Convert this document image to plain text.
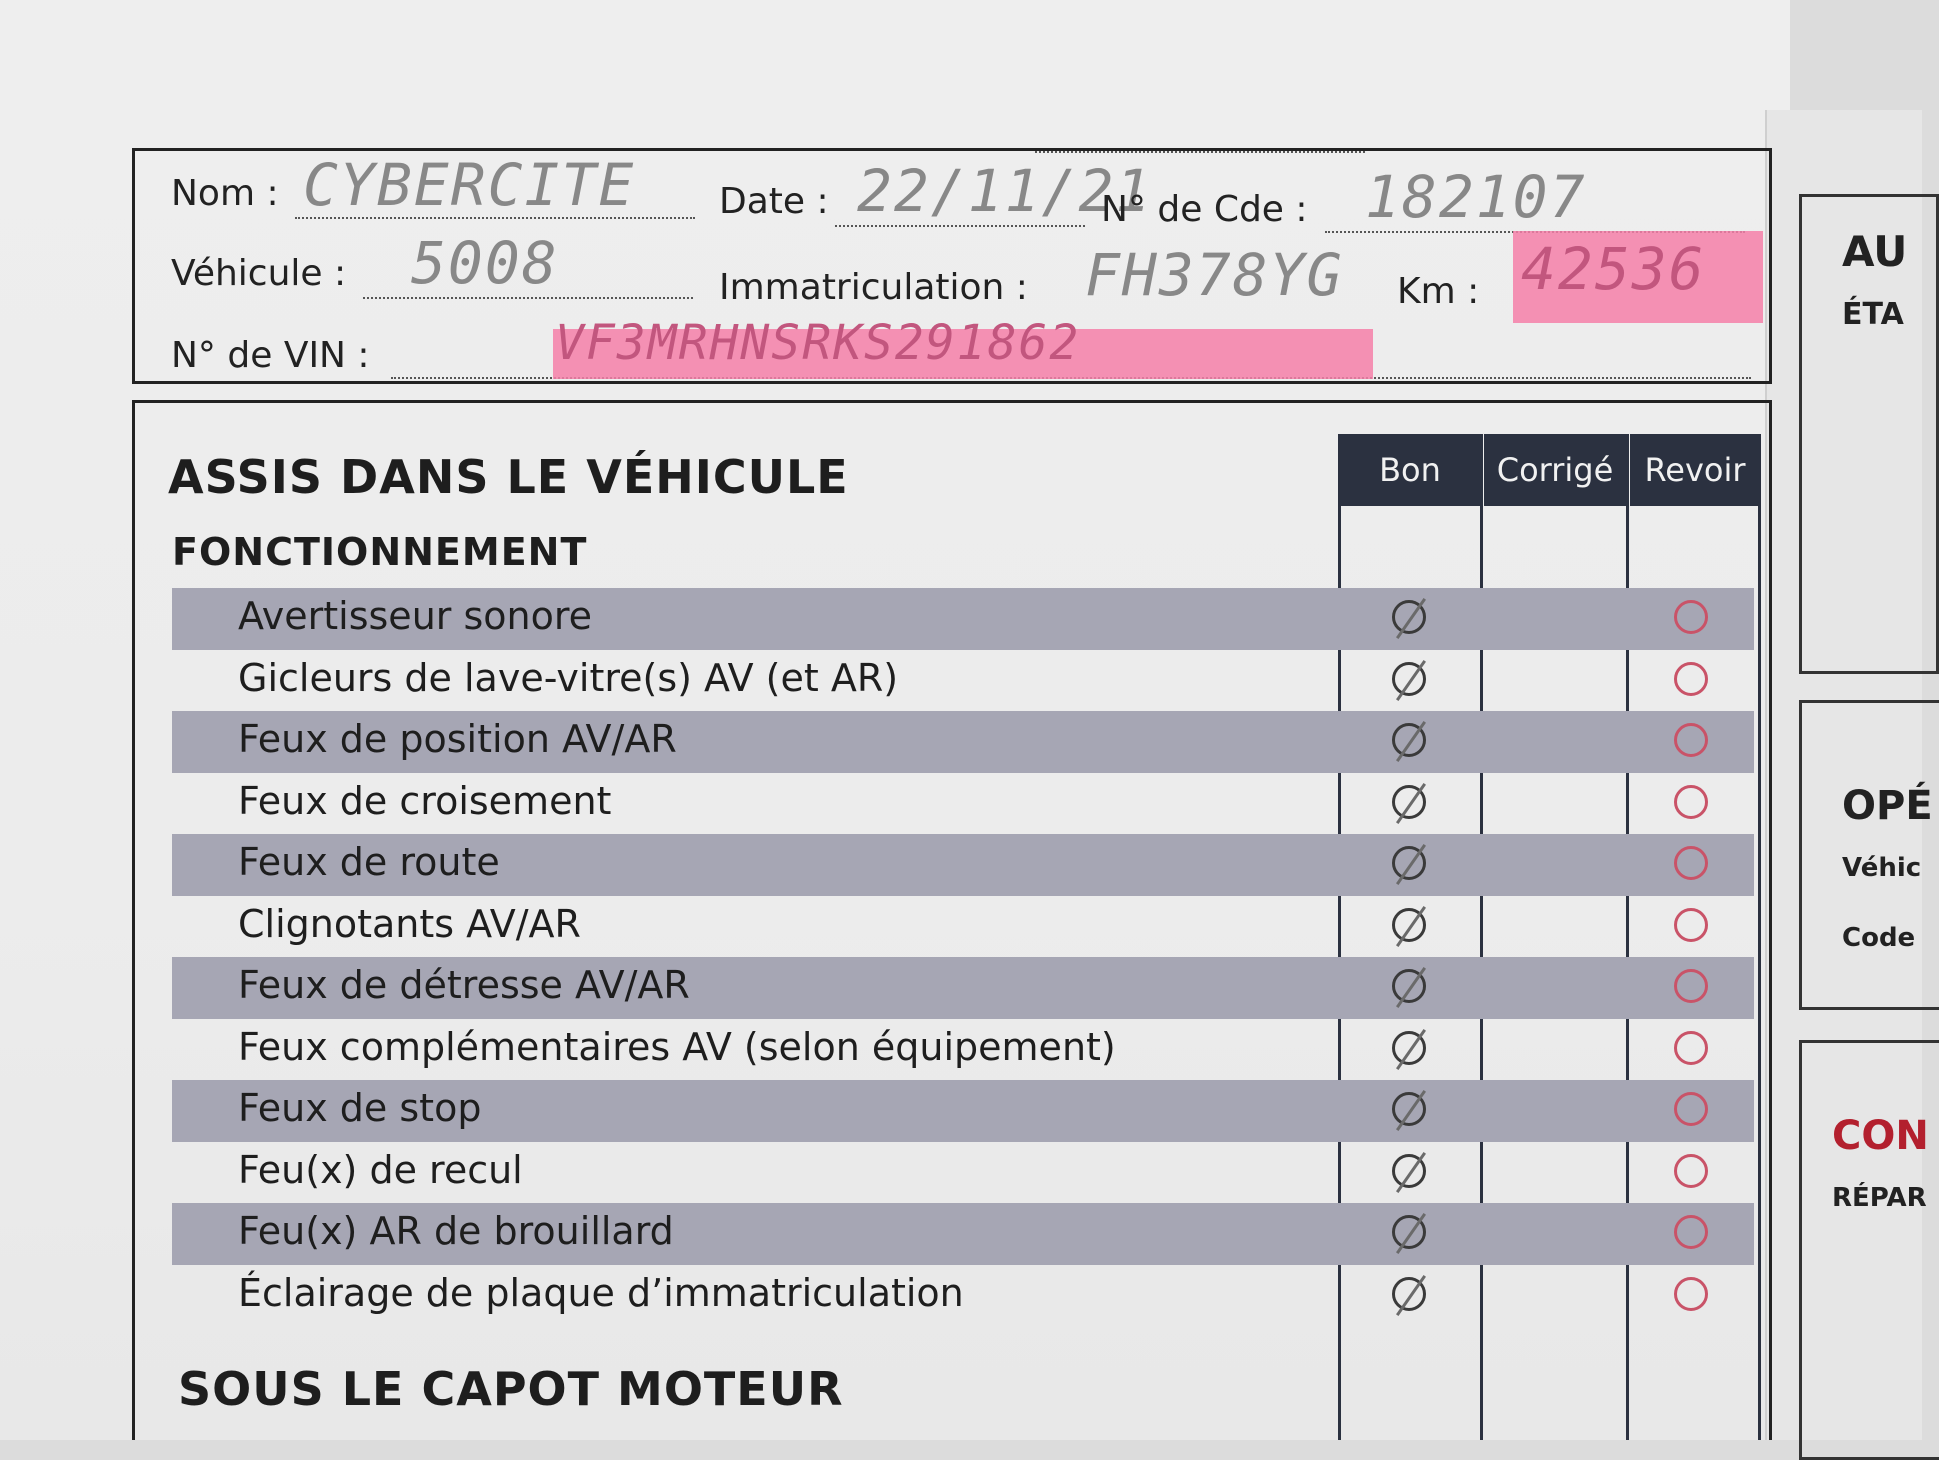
AU
ÉTA
OPÉ
Véhic
Code
CON
RÉPAR
Nom : CYBERCITE Date : 22/11/21
N° de Cde : 182107
Véhicule : 5008	Immatriculation : FH378YG Km : 42536
N° de VIN :	VF3MRHNSRKS291862
ASSIS DANS LE VÉHICULE
FONCTIONNEMENT
Bon Corrigé Revoir
Avertisseur sonore
Gicleurs de lave-vitre(s) AV (et AR)
Feux de position AV/AR
Feux de croisement
Feux de route
Clignotants AV/AR
Feux de détresse AV/AR
Feux complémentaires AV (selon équipement)
Feux de stop
Feu(x) de recul
Feu(x) AR de brouillard
Éclairage de plaque d’immatriculation
SOUS LE CAPOT MOTEUR
